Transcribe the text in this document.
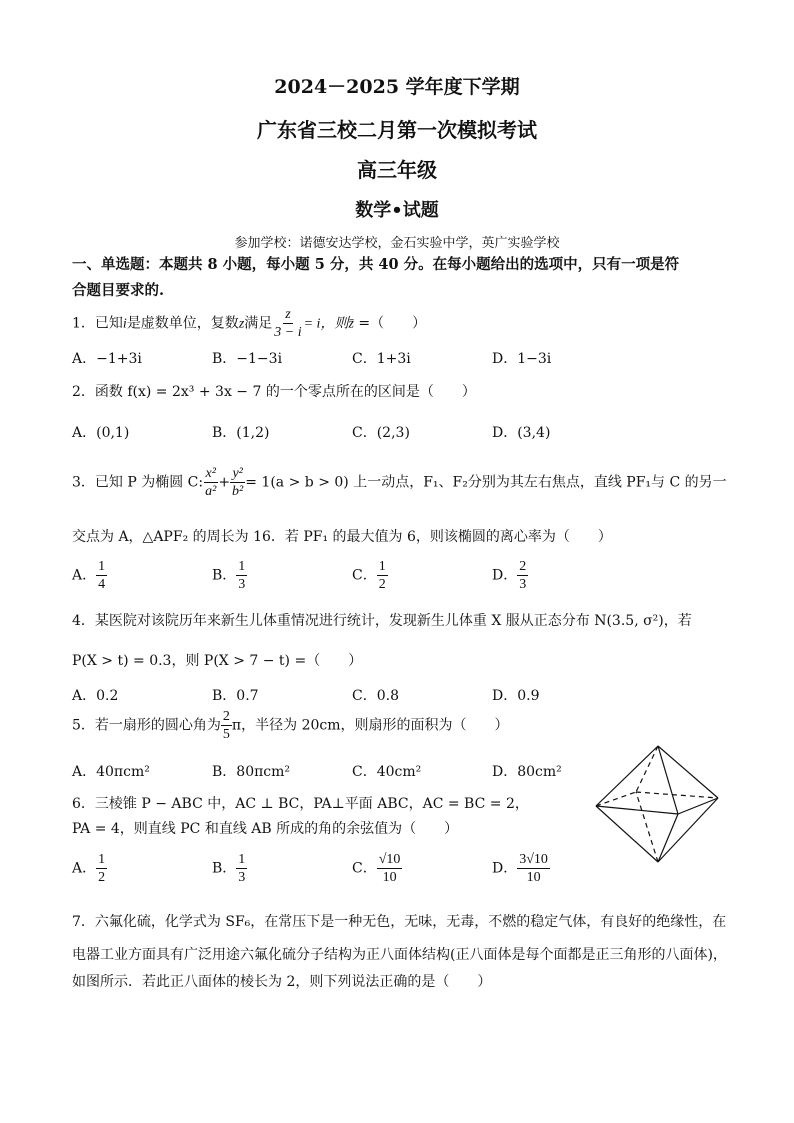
2024－2025 学年度下学期
广东省三校二月第一次模拟考试
高三年级
数学•试题
参加学校：诺德安达学校，金石实验中学，英广实验学校
一、单选题：本题共 8 小题，每小题 5 分，共 40 分。在每小题给出的选项中，只有一项是符
合题目要求的.
1．已知i是虚数单位，复数z满足 $\frac{z}{3 - i} = i$，则z̄ =（　　）
A．−1+3i	B．−1−3i	C．1+3i	D．1−3i
2．函数 f(x) = 2x³ + 3x − 7 的一个零点所在的区间是（　　）
A．(0,1)	B．(1,2)	C．(2,3)	D．(3,4)
3．已知 P 为椭圆 C: $\frac{\text{x²}}{\text{a²}} + \frac{\text{y²}}{\text{b²}} = 1(a > b > 0)$ 上一动点，F₁、F₂分别为其左右焦点，直线 PF₁与 C 的另一
交点为 A，△APF₂ 的周长为 16．若 PF₁ 的最大值为 6，则该椭圆的离心率为（　　）
A． $\frac{1}{4}$	B． $\frac{1}{3}$	C． $\frac{1}{2}$	D． $\frac{2}{3}$
4．某医院对该院历年来新生儿体重情况进行统计，发现新生儿体重 X 服从正态分布 N(3.5, σ²)，若
P(X > t) = 0.3，则 P(X > 7 − t) =（　　）
A．0.2	B．0.7	C．0.8	D．0.9
5．若一扇形的圆心角为 $\frac{2}{5}$ π，半径为 20cm，则扇形的面积为（　　）
A．40πcm²	B．80πcm²	C．40cm²	D．80cm²
6．三棱锥 P − ABC 中，AC ⊥ BC，PA⊥平面 ABC，AC = BC = 2，
PA = 4，则直线 PC 和直线 AB 所成的角的余弦值为（　　）
A． $\frac{1}{2}$	B． $\frac{1}{3}$	C． $\frac{√10}{10}$	D． $\frac{3√10}{10}$
7．六氟化硫，化学式为 SF₆，在常压下是一种无色，无味，无毒，不燃的稳定气体，有良好的绝缘性，在
电器工业方面具有广泛用途六氟化硫分子结构为正八面体结构(正八面体是每个面都是正三角形的八面体)，
如图所示．若此正八面体的棱长为 2，则下列说法正确的是（　　）
